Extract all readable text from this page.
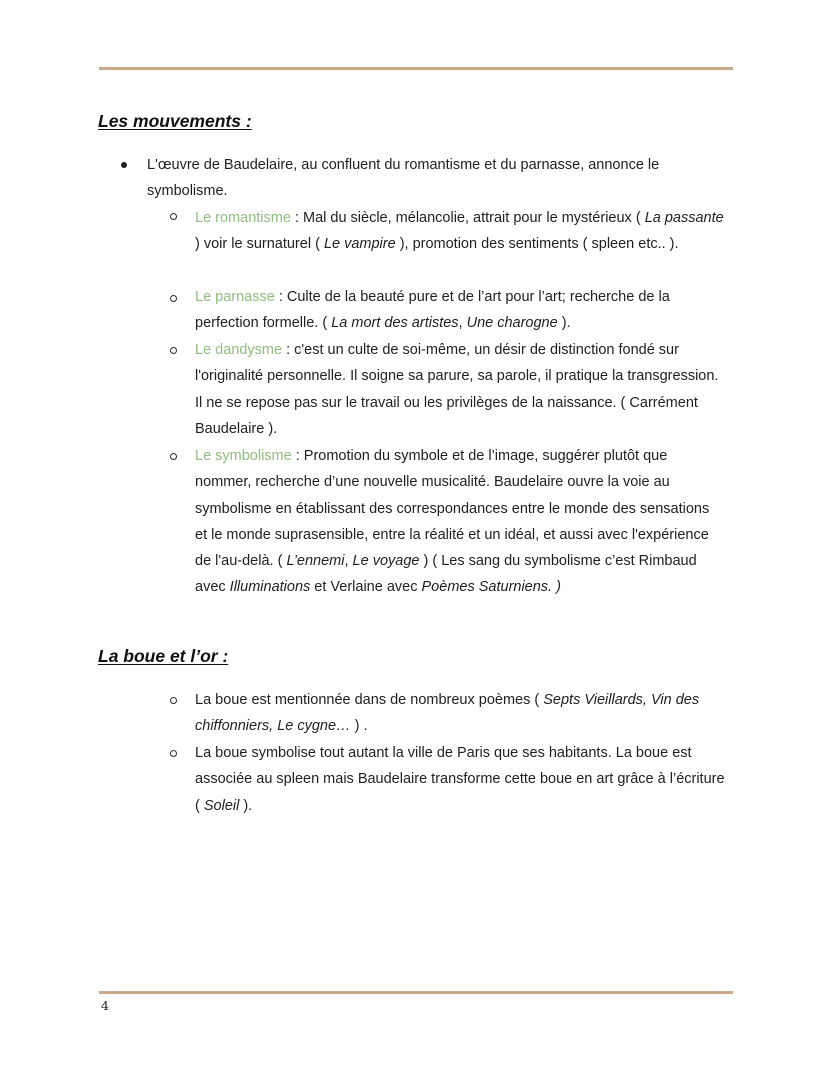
Les mouvements :
L'œuvre de Baudelaire, au confluent du romantisme et du parnasse, annonce le symbolisme.
Le romantisme : Mal du siècle, mélancolie, attrait pour le mystérieux ( La passante ) voir le surnaturel ( Le vampire ), promotion des sentiments ( spleen etc.. ).
Le parnasse : Culte de la beauté pure et de l’art pour l’art; recherche de la perfection formelle. ( La mort des artistes, Une charogne ).
Le dandysme : c'est un culte de soi-même, un désir de distinction fondé sur l'originalité personnelle. Il soigne sa parure, sa parole, il pratique la transgression. Il ne se repose pas sur le travail ou les privilèges de la naissance. ( Carrément Baudelaire ).
Le symbolisme : Promotion du symbole et de l’image, suggérer plutôt que nommer, recherche d’une nouvelle musicalité. Baudelaire ouvre la voie au symbolisme en établissant des correspondances entre le monde des sensations et le monde suprasensible, entre la réalité et un idéal, et aussi avec l'expérience de l'au-delà. ( L’ennemi, Le voyage ) ( Les sang du symbolisme c’est Rimbaud avec Illuminations et Verlaine avec Poèmes Saturniens. )
La boue et l’or :
La boue est mentionnée dans de nombreux poèmes ( Septs Vieillards, Vin des chiffonniers, Le cygne… ) .
La boue symbolise tout autant la ville de Paris que ses habitants. La boue est associée au spleen mais Baudelaire transforme cette boue en art grâce à l’écriture ( Soleil ).
4
